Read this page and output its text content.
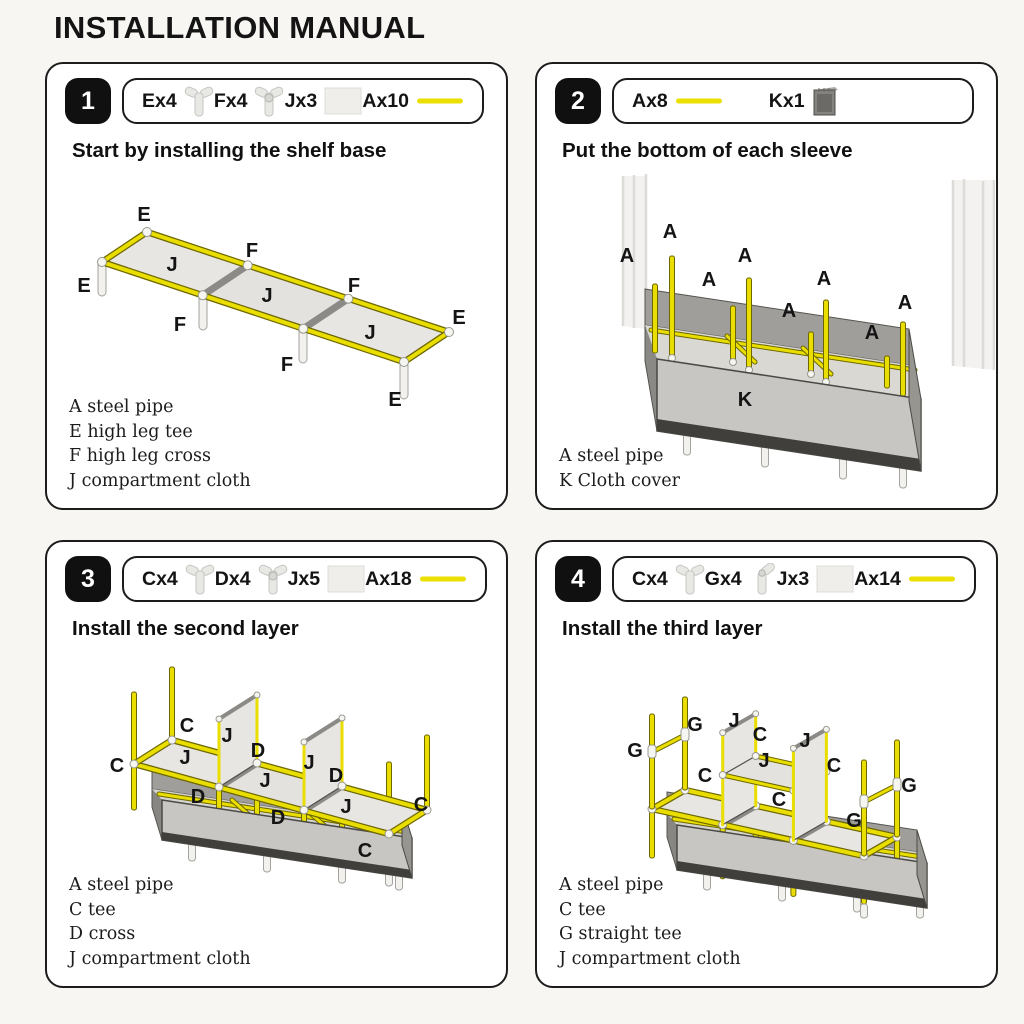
INSTALLATION MANUAL
E
F
F
E
E
F
F
E
J
J
J
1	Ex4 Fx4 Jx3 Ax10
Start by installing the shelf base
A steel pipe
E high leg tee
F high leg cross
J compartment cloth
A
A	A
A	A
A	A
A
K
2	Ax8	Kx1
Put the bottom of each sleeve
A steel pipe
K Cloth cover
C
C
C
C
D
D
D
D
J
J
J
J
J
3	Cx4 Dx4 Jx5 Ax18
Install the second layer
A steel pipe
C tee
D cross
J compartment cloth
G
G
G
G
C
C	C
C
J
J
J
4	Cx4 Gx4 Jx3 Ax14
Install the third layer
A steel pipe
C tee
G straight tee
J compartment cloth
